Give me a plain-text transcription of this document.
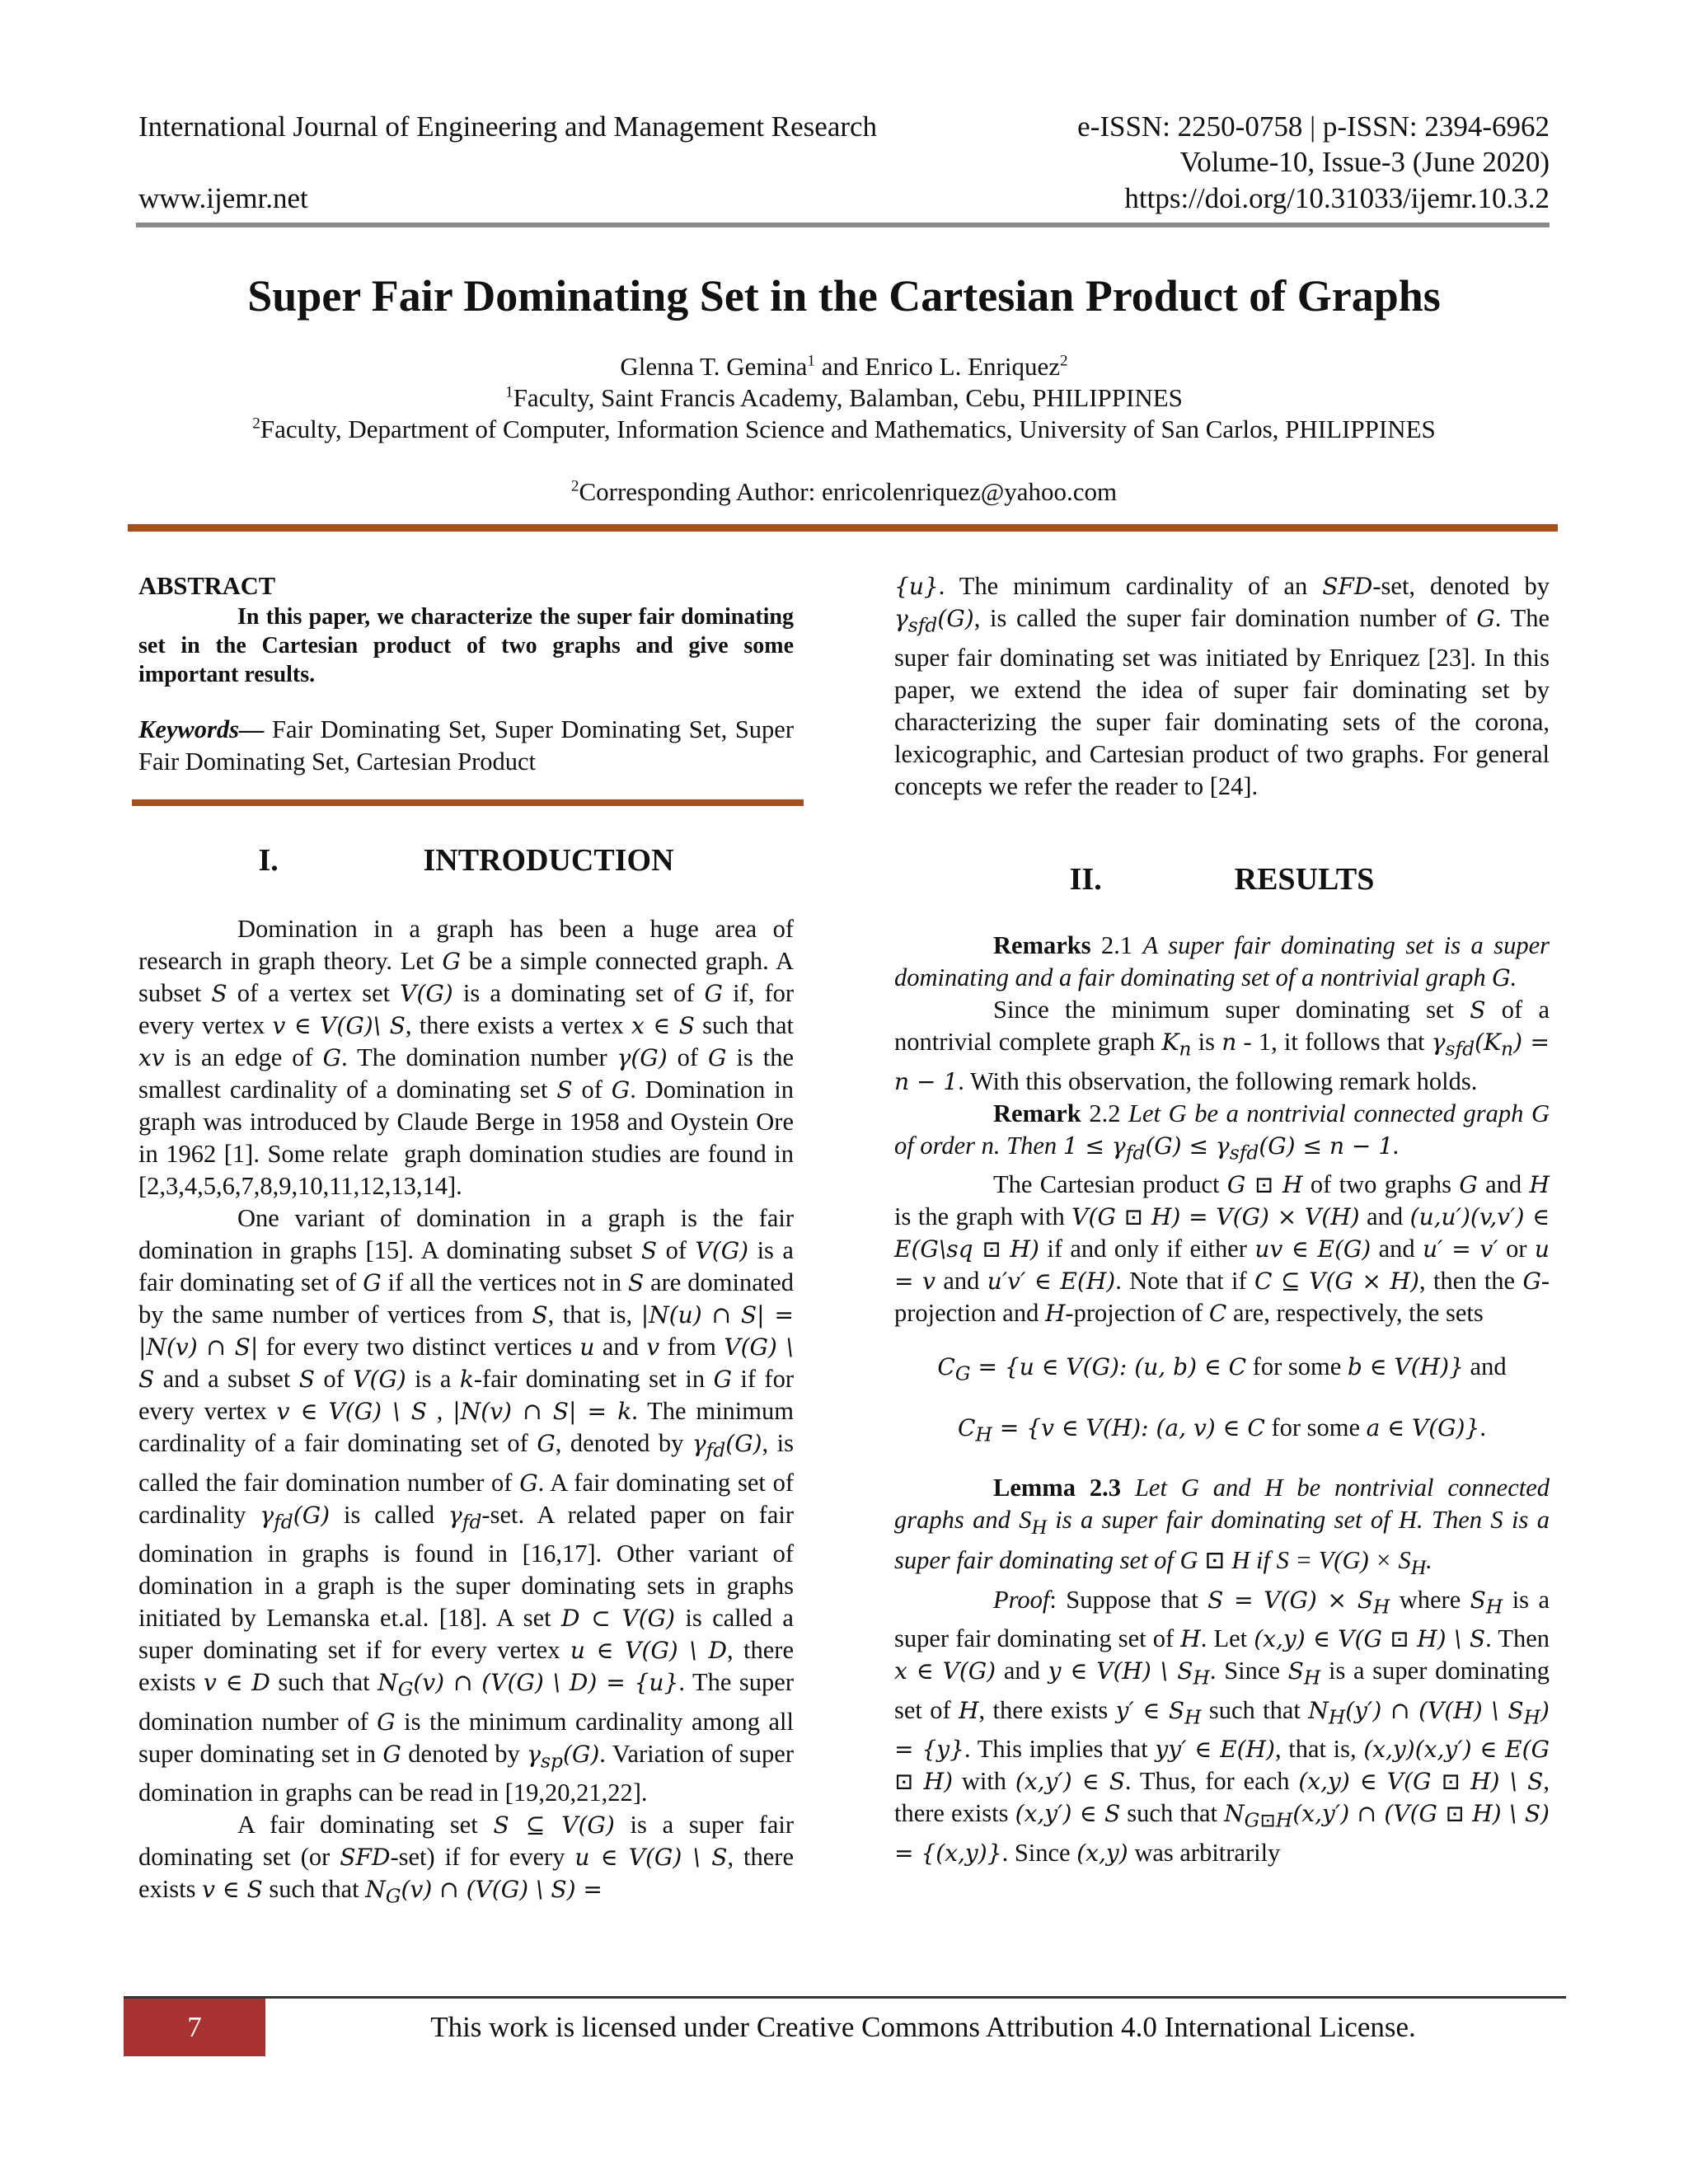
International Journal of Engineering and Management Research	e-ISSN: 2250-0758 | p-ISSN: 2394-6962
Volume-10, Issue-3 (June 2020)
www.ijemr.net	https://doi.org/10.31033/ijemr.10.3.2
Super Fair Dominating Set in the Cartesian Product of Graphs
Glenna T. Gemina$^1$ and Enrico L. Enriquez$^2$
$^1$Faculty, Saint Francis Academy, Balamban, Cebu, PHILIPPINES
$^2$Faculty, Department of Computer, Information Science and Mathematics, University of San Carlos, PHILIPPINES
$^2$Corresponding Author: enricolenriquez@yahoo.com

ABSTRACT

In this paper, we characterize the super fair dominating set in the Cartesian product of two graphs and give some important results.

Keywords— Fair Dominating Set, Super Dominating Set, Super Fair Dominating Set, Cartesian Product

I.	INTRODUCTION

Domination in a graph has been a huge area of research in graph theory. Let G be a simple connected graph. A subset S of a vertex set V(G) is a dominating set of G if, for every vertex v ∈ V(G)\ S, there exists a vertex x ∈ S such that xv is an edge of G. The domination number γ(G) of G is the smallest cardinality of a dominating set S of G. Domination in graph was introduced by Claude Berge in 1958 and Oystein Ore in 1962 [1]. Some relate  graph domination studies are found in [2,3,4,5,6,7,8,9,10,11,12,13,14].

One variant of domination in a graph is the fair domination in graphs [15]. A dominating subset S of V(G) is a fair dominating set of G if all the vertices not in S are dominated by the same number of vertices from S, that is, |N(u) ∩ S| = |N(v) ∩ S| for every two distinct vertices u and v from V(G) \ S and a subset S of V(G) is a k-fair dominating set in G if for every vertex v ∈ V(G) \ S , |N(v) ∩ S| = k. The minimum cardinality of a fair dominating set of G, denoted by $\gamma_{fd}(G)$, is called the fair domination number of G. A fair dominating set of cardinality $\gamma_{fd}(G)$ is called $\gamma_{fd}$-set. A related paper on fair domination in graphs is found in [16,17]. Other variant of domination in a graph is the super dominating sets in graphs initiated by Lemanska et.al. [18]. A set D ⊂ V(G) is called a super dominating set if for every vertex u ∈ V(G) \ D, there exists v ∈ D such that $N_G(v)$ ∩ (V(G) \ D) = {u}. The super domination number of G is the minimum cardinality among all super dominating set in G denoted by $\gamma_{sp}(G)$. Variation of super domination in graphs can be read in [19,20,21,22].

A fair dominating set S ⊆ V(G) is a super fair dominating set (or SFD-set) if for every u ∈ V(G) \ S, there exists v ∈ S such that $N_G(v)$ ∩ (V(G) \ S) =

{u}. The minimum cardinality of an SFD-set, denoted by $\gamma_{sfd}(G)$, is called the super fair domination number of G. The super fair dominating set was initiated by Enriquez [23]. In this paper, we extend the idea of super fair dominating set by characterizing the super fair dominating sets of the corona, lexicographic, and Cartesian product of two graphs. For general concepts we refer the reader to [24].

II.	RESULTS

Remarks 2.1 A super fair dominating set is a super dominating and a fair dominating set of a nontrivial graph G.

Since the minimum super dominating set S of a nontrivial complete graph $K_n$ is n - 1, it follows that $\gamma_{sfd}(K_n) = n - 1$. With this observation, the following remark holds.

Remark 2.2 Let G be a nontrivial connected graph G of order n. Then $1 \le \gamma_{fd}(G) \le \gamma_{sfd}(G) \le n - 1$.

The Cartesian product G ⊡ H of two graphs G and H is the graph with V(G ⊡ H) = V(G) × V(H) and (u,u′)(v,v′) ∈ E(G\sq ⊡ H) if and only if either uv ∈ E(G) and u′ = v′ or u = v and u′v′ ∈ E(H). Note that if C ⊆ V(G × H), then the G-projection and H-projection of C are, respectively, the sets

$C_G = \{u$ ∈ V(G): (u, b) ∈ C for some b ∈ V(H)} and

$C_H = \{v$ ∈ V(H): (a, v) ∈ C for some a ∈ V(G)}.

Lemma 2.3 Let G and H be nontrivial connected graphs and $S_H$ is a super fair dominating set of H. Then S is a super fair dominating set of G ⊡ H if $S = V(G) \times S_H$.

Proof: Suppose that $S = V(G) \times S_H$ where $S_H$ is a super fair dominating set of H. Let (x,y) ∈ V(G ⊡ H) \ S. Then x ∈ V(G) and y ∈ V(H) \ $S_H$. Since $S_H$ is a super dominating set of H, there exists y′ ∈ $S_H$ such that $N_H(y')$ ∩ (V(H) \ $S_H) = \{y\}$. This implies that yy′ ∈ E(H), that is, (x,y)(x,y′) ∈ E(G ⊡ H) with (x,y′) ∈ S. Thus, for each (x,y) ∈ V(G ⊡ H) \ S, there exists (x,y′) ∈ S such that $N_{G⊡H}(x,y')$ ∩ (V(G ⊡ H) \ S) = {(x,y)}. Since (x,y) was arbitrarily

7	This work is licensed under Creative Commons Attribution 4.0 International License.
